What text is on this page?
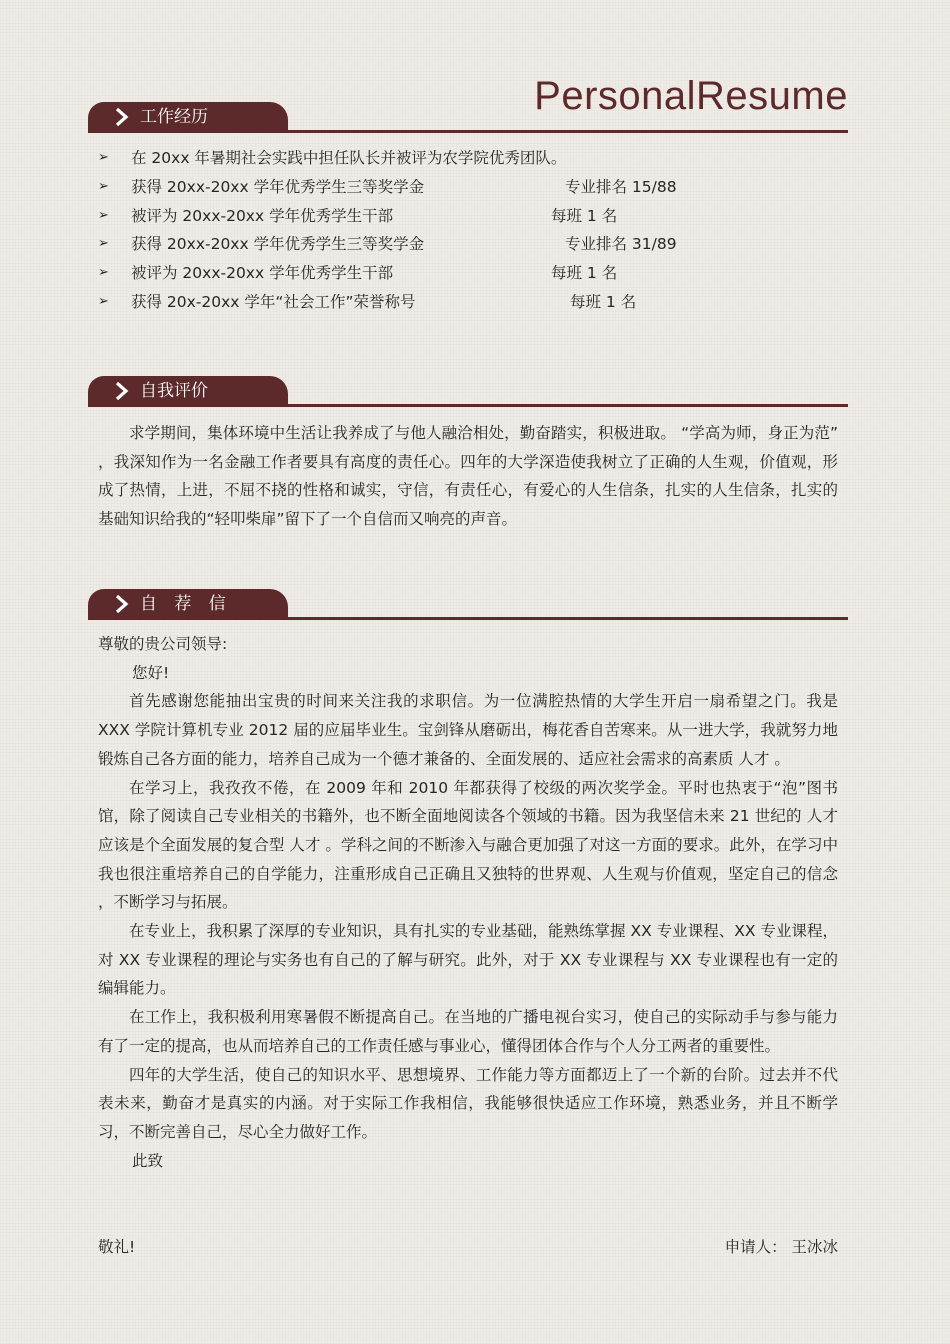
PersonalResume
工作经历
➢ 在 20xx 年暑期社会实践中担任队长并被评为农学院优秀团队。
➢ 获得 20xx-20xx 学年优秀学生三等奖学金	专业排名 15/88
➢ 被评为 20xx-20xx 学年优秀学生干部	每班 1 名
➢ 获得 20xx-20xx 学年优秀学生三等奖学金	专业排名 31/89
➢ 被评为 20xx-20xx 学年优秀学生干部	每班 1 名
➢ 获得 20x-20xx 学年“社会工作”荣誉称号	每班 1 名
自我评价

求学期间，集体环境中生活让我养成了与他人融洽相处，勤奋踏实，积极进取。 “学高为师，身正为范” ，我深知作为一名金融工作者要具有高度的责任心。四年的大学深造使我树立了正确的人生观，价值观，形成了热情，上进，不屈不挠的性格和诚实，守信，有责任心，有爱心的人生信条，扎实的人生信条，扎实的基础知识给我的“轻叩柴扉”留下了一个自信而又响亮的声音。

自 荐 信
尊敬的贵公司领导:
您好!

首先感谢您能抽出宝贵的时间来关注我的求职信。为一位满腔热情的大学生开启一扇希望之门。我是 XXX 学院计算机专业 2012 届的应届毕业生。宝剑锋从磨砺出，梅花香自苦寒来。从一进大学，我就努力地锻炼自己各方面的能力，培养自己成为一个德才兼备的、全面发展的、适应社会需求的高素质 人才 。

在学习上，我孜孜不倦，在 2009 年和 2010 年都获得了校级的两次奖学金。平时也热衷于“泡”图书馆，除了阅读自己专业相关的书籍外，也不断全面地阅读各个领域的书籍。因为我坚信未来 21 世纪的 人才 应该是个全面发展的复合型 人才 。学科之间的不断渗入与融合更加强了对这一方面的要求。此外，在学习中我也很注重培养自己的自学能力，注重形成自己正确且又独特的世界观、人生观与价值观，坚定自己的信念 ，不断学习与拓展。

在专业上，我积累了深厚的专业知识，具有扎实的专业基础，能熟练掌握 XX 专业课程、XX 专业课程，对 XX 专业课程的理论与实务也有自己的了解与研究。此外，对于 XX 专业课程与 XX 专业课程也有一定的编辑能力。

在工作上，我积极利用寒暑假不断提高自己。在当地的广播电视台实习，使自己的实际动手与参与能力有了一定的提高，也从而培养自己的工作责任感与事业心，懂得团体合作与个人分工两者的重要性。

四年的大学生活，使自己的知识水平、思想境界、工作能力等方面都迈上了一个新的台阶。过去并不代表未来，勤奋才是真实的内涵。对于实际工作我相信，我能够很快适应工作环境，熟悉业务，并且不断学习，不断完善自己，尽心全力做好工作。

此致
敬礼!	申请人： 王冰冰
